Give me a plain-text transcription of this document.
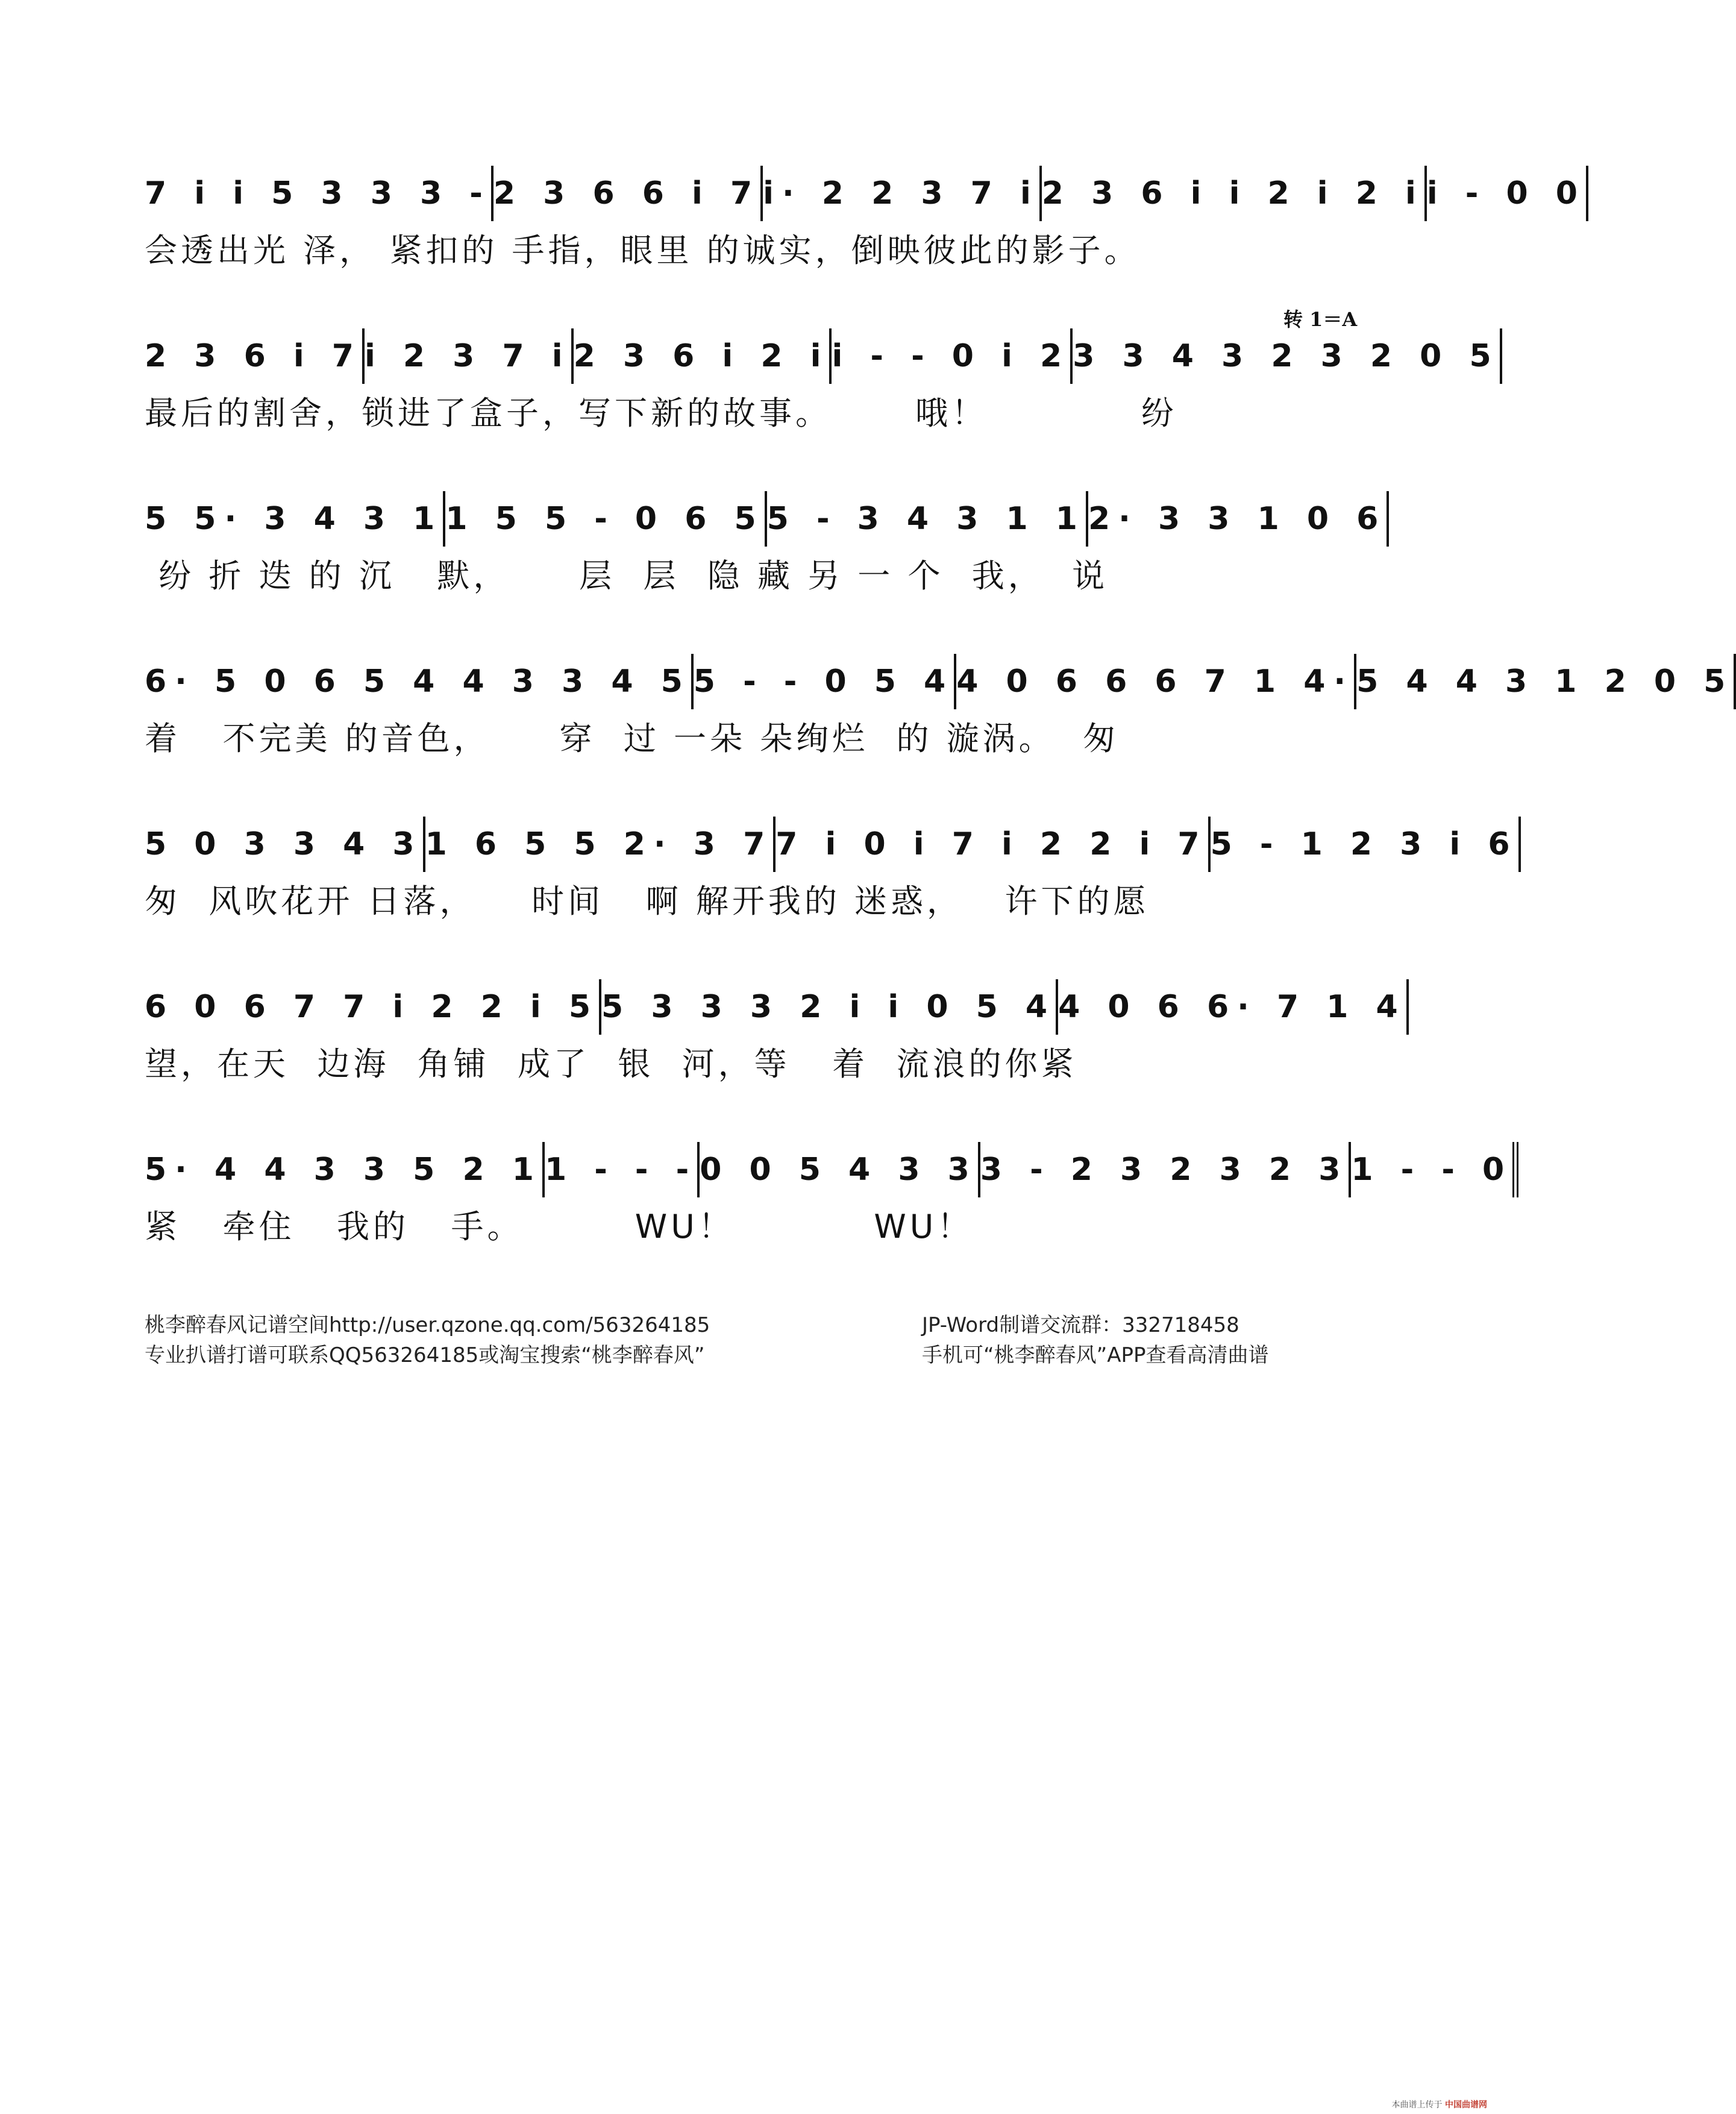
转 1＝A
7 i i 5 3 3 3 - 2 3 6 6 i 7 i· 2 2 3 7 i 2 3 6 i i 2 i 2 i i - 0 0
会透出光 泽， 紧扣的 手指，眼里 的诚实，倒映彼此的影子。
2 3 6 i 7 i 2 3 7 i 2 3 6 i 2 i i - - 0 i 2 3 3 4 3 2 3 2 0 5
最后的割舍，锁进了盒子，写下新的故事。      哦！           纷
5 5· 3 4 3 1 1 5 5 - 0 6 5 5 - 3 4 3 1 1 2· 3 3 1 0 6
纷 折 迭 的 沉   默，     层  层  隐 藏 另 一 个  我，  说
6· 5 0 6 5 4 4 3 3 4 5 5 - - 0 5 4 4 0 6 6 6 7 1 4· 5 4 4 3 1 2 0 5
着   不完美 的音色，     穿  过 一朵 朵绚烂  的 漩涡。  匆
5 0 3 3 4 3 1 6 5 5 2· 3 7 7 i 0 i 7 i 2 2 i 7 5 - 1 2 3 i 6
匆  风吹花开 日落，    时间   啊 解开我的 迷惑，   许下的愿
6 0 6 7 7 i 2 2 i 5 5 3 3 3 2 i i 0 5 4 4 0 6 6· 7 1 4
望，在天  边海  角铺  成了  银  河，等   着  流浪的你紧
5· 4 4 3 3 5 2 1 1 - - - 0 0 5 4 3 3 3 - 2 3 2 3 2 3 1 - - 0
紧   牵住   我的   手。        WU！          WU！
桃李醉春风记谱空间http://user.qzone.qq.com/563264185
专业扒谱打谱可联系QQ563264185或淘宝搜索“桃李醉春风”
JP-Word制谱交流群：332718458
手机可“桃李醉春风”APP查看高清曲谱
本曲谱上传于 中国曲谱网
